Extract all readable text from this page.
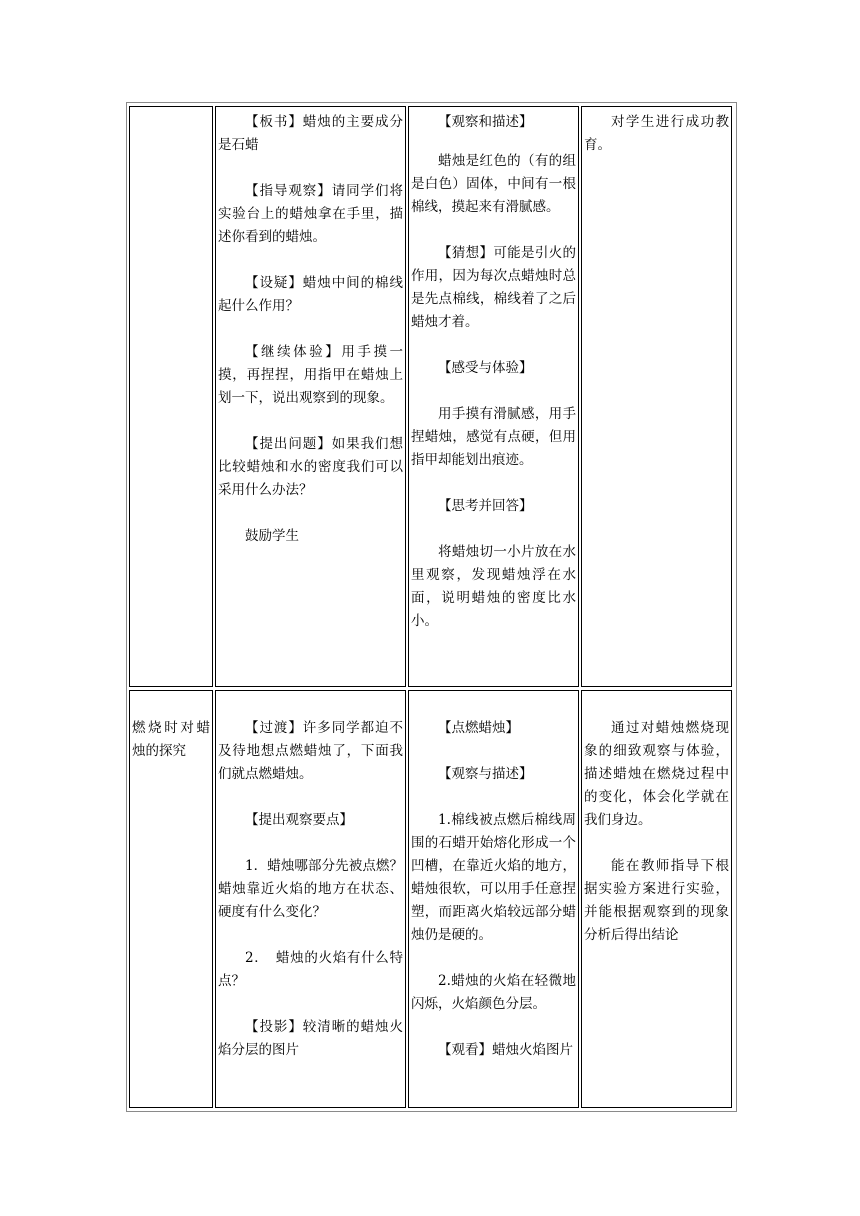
【板书】蜡烛的主要成分是石蜡

【指导观察】请同学们将实验台上的蜡烛拿在手里，描述你看到的蜡烛。

【设疑】蜡烛中间的棉线起什么作用？

【继续体验】用手摸一摸，再捏捏，用指甲在蜡烛上划一下，说出观察到的现象。

【提出问题】如果我们想比较蜡烛和水的密度我们可以采用什么办法？

鼓励学生

【观察和描述】

蜡烛是红色的（有的组是白色）固体，中间有一根棉线，摸起来有滑腻感。

【猜想】可能是引火的作用，因为每次点蜡烛时总是先点棉线，棉线着了之后蜡烛才着。

【感受与体验】

用手摸有滑腻感，用手捏蜡烛，感觉有点硬，但用指甲却能划出痕迹。

【思考并回答】

将蜡烛切一小片放在水里观察，发现蜡烛浮在水面，说明蜡烛的密度比水小。

对学生进行成功教育。

燃烧时对蜡烛的探究

【过渡】许多同学都迫不及待地想点燃蜡烛了，下面我们就点燃蜡烛。

【提出观察要点】

1．蜡烛哪部分先被点燃？蜡烛靠近火焰的地方在状态、硬度有什么变化？

2．　蜡烛的火焰有什么特点？

【投影】较清晰的蜡烛火焰分层的图片

【点燃蜡烛】

【观察与描述】

1.棉线被点燃后棉线周围的石蜡开始熔化形成一个凹槽，在靠近火焰的地方，蜡烛很软，可以用手任意捏塑，而距离火焰较远部分蜡烛仍是硬的。

2.蜡烛的火焰在轻微地闪烁，火焰颜色分层。

【观看】蜡烛火焰图片

通过对蜡烛燃烧现象的细致观察与体验，描述蜡烛在燃烧过程中的变化，体会化学就在我们身边。

能在教师指导下根据实验方案进行实验，并能根据观察到的现象分析后得出结论
